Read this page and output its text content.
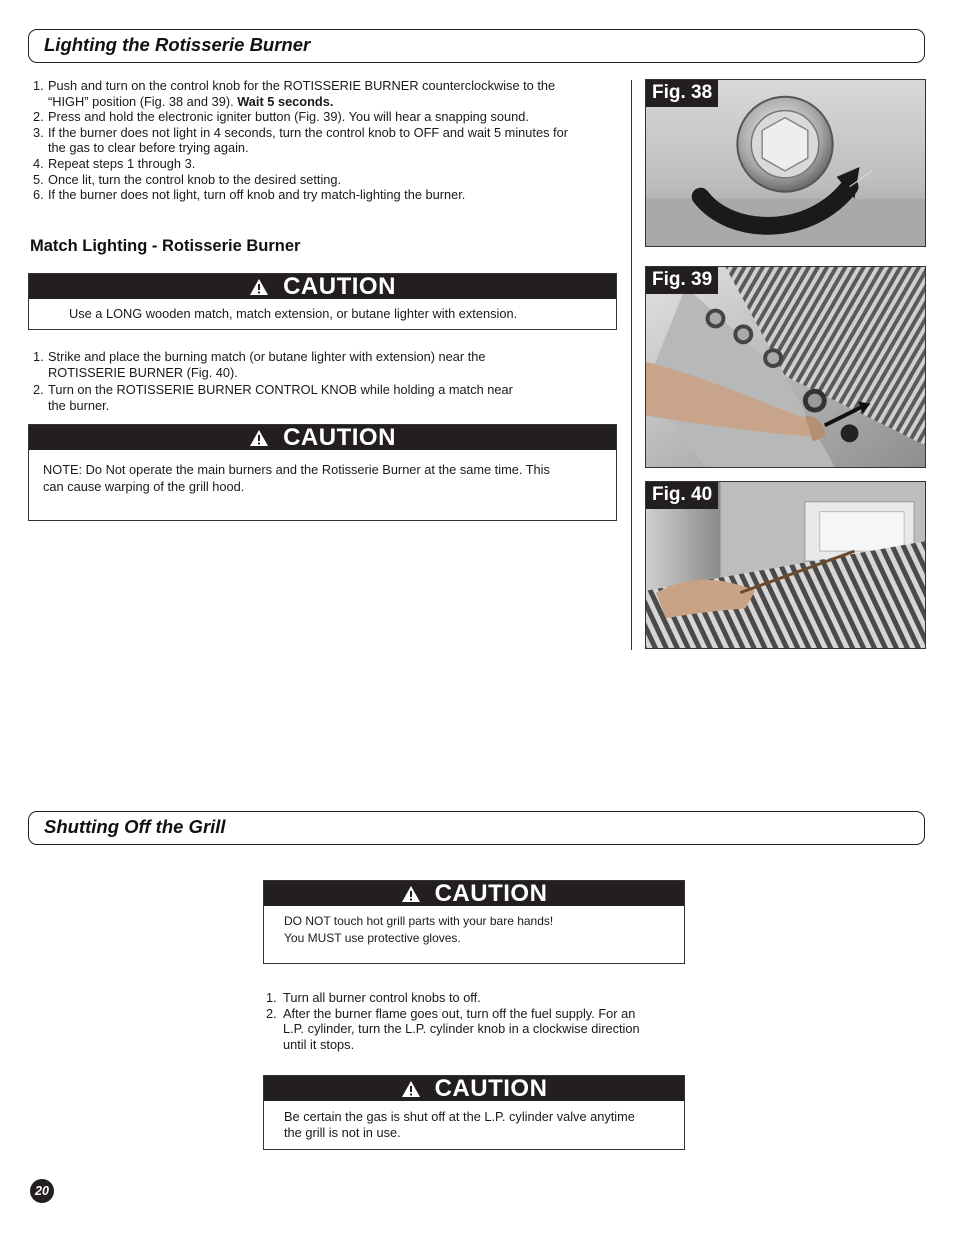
Lighting the Rotisserie Burner
1. Push and turn on the control knob for the ROTISSERIE BURNER counterclockwise to the
“HIGH” position (Fig. 38 and 39). Wait 5 seconds.
2. Press and hold the electronic igniter button (Fig. 39). You will hear a snapping sound.
3. If the burner does not light in 4 seconds, turn the control knob to OFF and wait 5 minutes for
the gas to clear before trying again.
4. Repeat steps 1 through 3.
5. Once lit, turn the control knob to the desired setting.
6. If the burner does not light, turn off knob and try match-lighting the burner.
Match Lighting - Rotisserie Burner
CAUTION
Use a LONG wooden match, match extension, or butane lighter with extension.
1. Strike and place the burning match (or butane lighter with extension) near the
ROTISSERIE BURNER (Fig. 40).
2. Turn on the ROTISSERIE BURNER CONTROL KNOB while holding a match near
the burner.
CAUTION
NOTE: Do Not operate the main burners and the Rotisserie Burner at the same time. This
can cause warping of the grill hood.
Fig. 38
Fig. 39
Fig. 40
Shutting Off the Grill
CAUTION
DO NOT touch hot grill parts with your bare hands!
You MUST use protective gloves.
1. Turn all burner control knobs to off.
2. After the burner flame goes out, turn off the fuel supply. For an
L.P. cylinder, turn the L.P. cylinder knob in a clockwise direction
until it stops.
CAUTION
Be certain the gas is shut off at the L.P. cylinder valve anytime
the grill is not in use.
20
